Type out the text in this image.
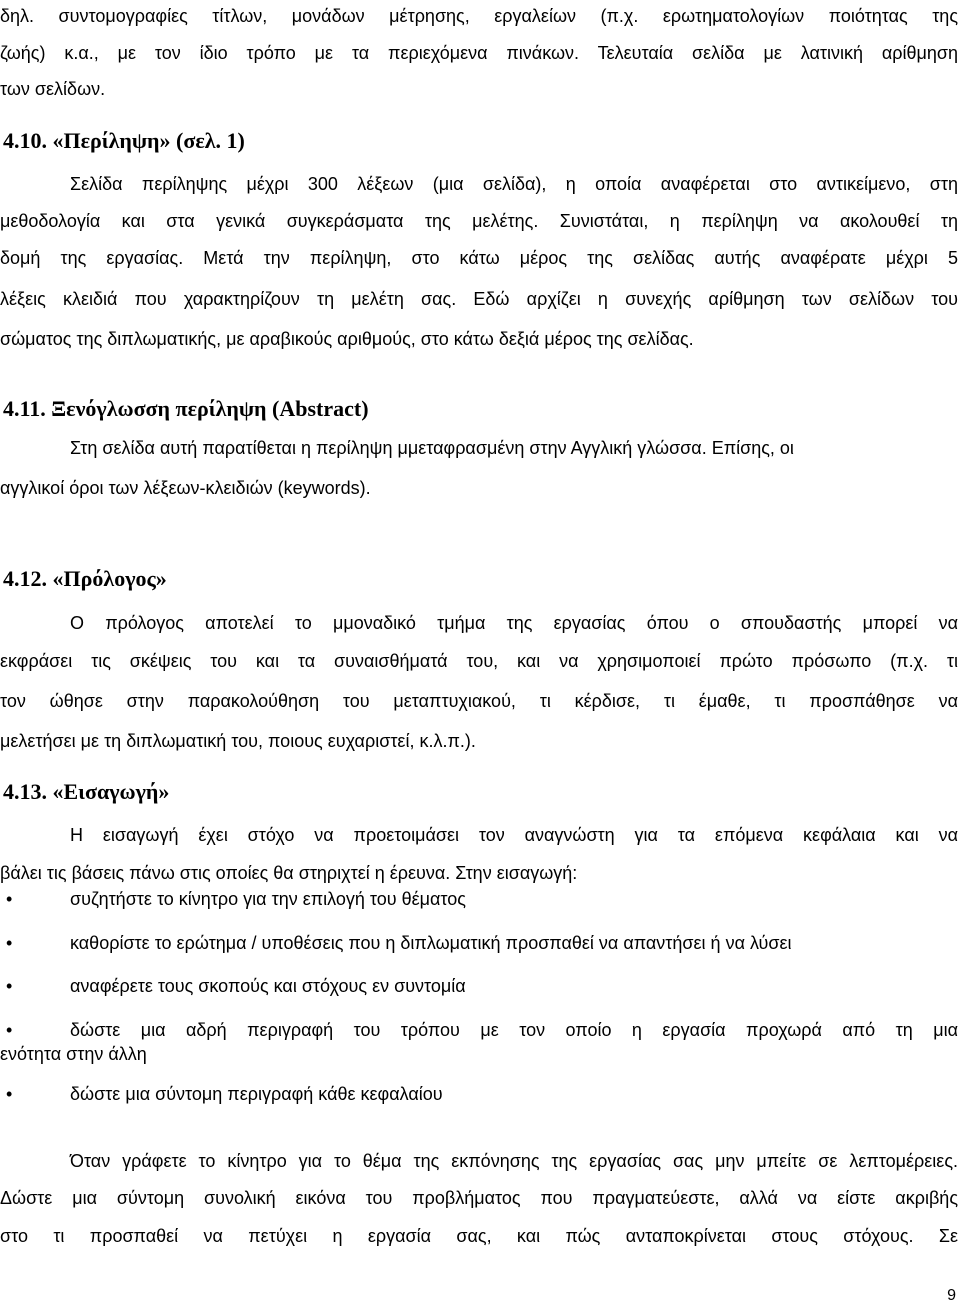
δηλ. συντομογραφίες τίτλων, μονάδων μέτρησης, εργαλείων (π.χ. ερωτηματολογίων ποιότητας της
ζωής) κ.α., με τον ίδιο τρόπο με τα περιεχόμενα πινάκων. Τελευταία σελίδα με λατινική αρίθμηση
των σελίδων.
4.10. «Περίληψη» (σελ. 1)
Σελίδα περίληψης μέχρι 300 λέξεων (μια σελίδα), η οποία αναφέρεται στο αντικείμενο, στη
μεθοδολογία και στα γενικά συγκεράσματα της μελέτης. Συνιστάται, η περίληψη να ακολουθεί τη
δομή της εργασίας. Μετά την περίληψη, στο κάτω μέρος της σελίδας αυτής αναφέρατε μέχρι 5
λέξεις κλειδιά που χαρακτηρίζουν τη μελέτη σας. Εδώ αρχίζει η συνεχής αρίθμηση των σελίδων του
σώματος της διπλωματικής, με αραβικούς αριθμούς, στο κάτω δεξιά μέρος της σελίδας.
4.11. Ξενόγλωσση περίληψη (Abstract)
Στη σελίδα αυτή παρατίθεται η περίληψη μμεταφρασμένη στην Αγγλική γλώσσα. Επίσης, οι
αγγλικοί όροι των λέξεων-κλειδιών (keywords).
4.12. «Πρόλογος»
Ο πρόλογος αποτελεί το μμοναδικό τμήμα της εργασίας όπου ο σπουδαστής μπορεί να
εκφράσει τις σκέψεις του και τα συναισθήματά του, και να χρησιμοποιεί πρώτο πρόσωπο (π.χ. τι
τον ώθησε στην παρακολούθηση του μεταπτυχιακού, τι κέρδισε, τι έμαθε, τι προσπάθησε να
μελετήσει με τη διπλωματική του, ποιους ευχαριστεί, κ.λ.π.).
4.13. «Εισαγωγή»
Η εισαγωγή έχει στόχο να προετοιμάσει τον αναγνώστη για τα επόμενα κεφάλαια και να
βάλει τις βάσεις πάνω στις οποίες θα στηριχτεί η έρευνα. Στην εισαγωγή:
•	συζητήστε το κίνητρο για την επιλογή του θέματος
•	καθορίστε το ερώτημα / υποθέσεις που η διπλωματική προσπαθεί να απαντήσει ή να λύσει
•	αναφέρετε τους σκοπούς και στόχους εν συντομία
•	δώστε μια αδρή περιγραφή του τρόπου με τον οποίο η εργασία προχωρά από τη μια
ενότητα στην άλλη
•	δώστε μια σύντομη περιγραφή κάθε κεφαλαίου
Όταν γράφετε το κίνητρο για το θέμα της εκπόνησης της εργασίας σας μην μπείτε σε λεπτομέρειες.
Δώστε μια σύντομη συνολική εικόνα του προβλήματος που πραγματεύεστε, αλλά να είστε ακριβής
στο τι προσπαθεί να πετύχει η εργασία σας, και πώς ανταποκρίνεται στους στόχους. Σε
9
